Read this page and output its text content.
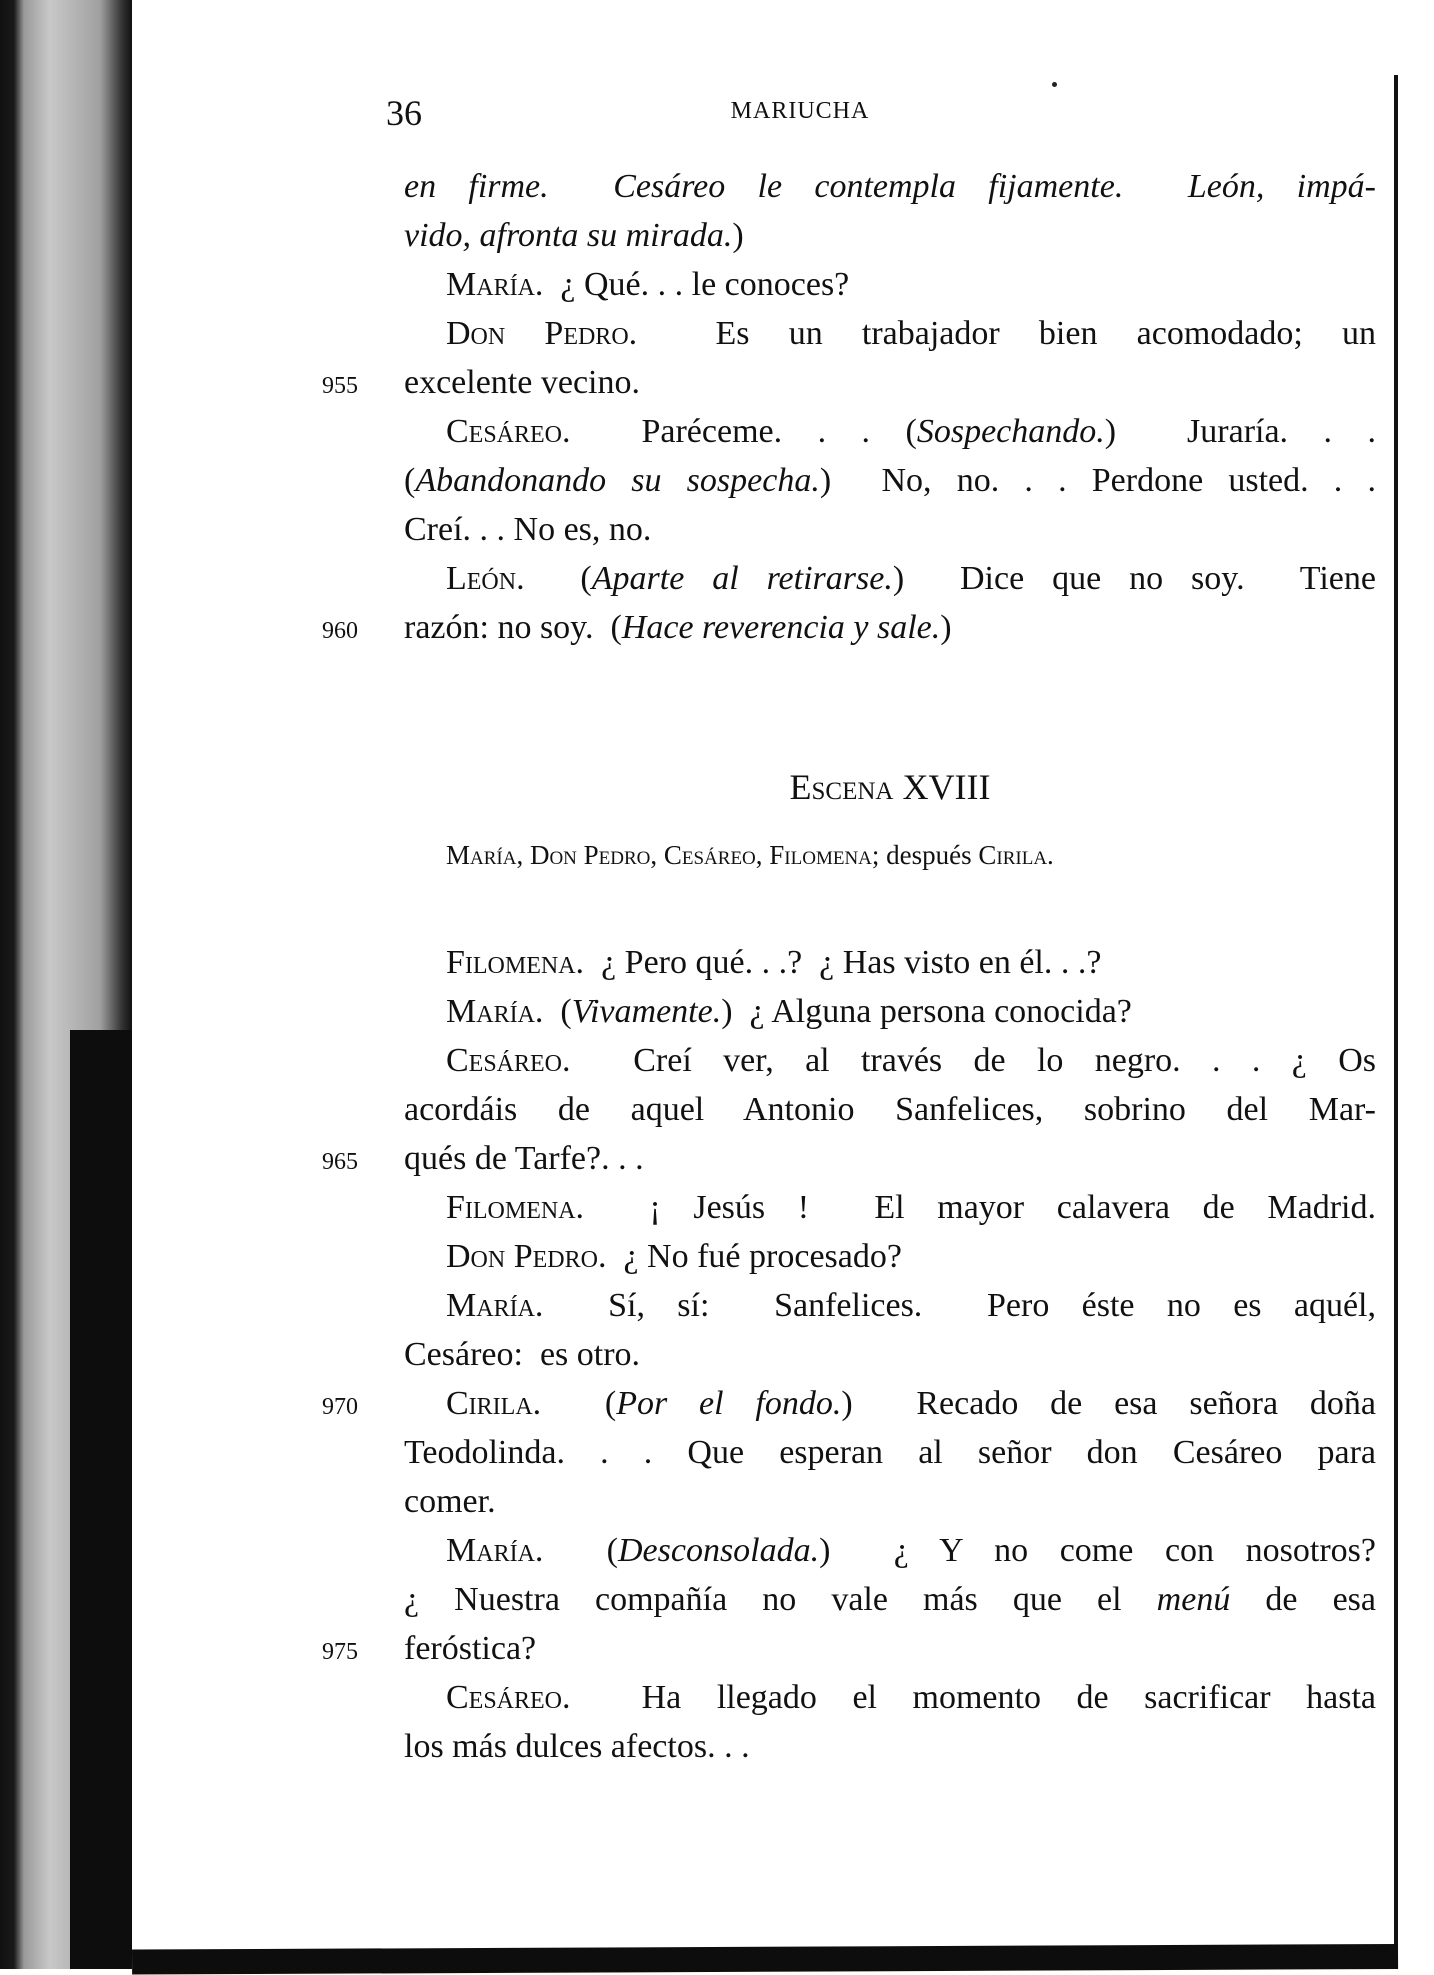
36	MARIUCHA
en firme.  Cesáreo le contempla fijamente.  León, impá-
vido, afronta su mirada.)
María.  ¿ Qué. . . le conoces?
Don Pedro.  Es un trabajador bien acomodado; un
955 excelente vecino.
Cesáreo.  Paréceme. . . (Sospechando.)  Juraría. . .
(Abandonando su sospecha.)  No, no. . . Perdone usted. . .
Creí. . . No es, no.
León.  (Aparte al retirarse.)  Dice que no soy.  Tiene
960 razón: no soy.  (Hace reverencia y sale.)
Escena XVIII
María, Don Pedro, Cesáreo, Filomena; después Cirila.
Filomena.  ¿ Pero qué. . .?  ¿ Has visto en él. . .?
María.  (Vivamente.)  ¿ Alguna persona conocida?
Cesáreo.  Creí ver, al través de lo negro. . . ¿ Os
acordáis de aquel Antonio Sanfelices, sobrino del Mar-
965 qués de Tarfe?. . .
Filomena.  ¡ Jesús !  El mayor calavera de Madrid.
Don Pedro.  ¿ No fué procesado?
María.  Sí, sí:  Sanfelices.  Pero éste no es aquél,
Cesáreo:  es otro.
970	Cirila.  (Por el fondo.)  Recado de esa señora doña
Teodolinda. . . Que esperan al señor don Cesáreo para
comer.
María.  (Desconsolada.)  ¿ Y no come con nosotros?
¿ Nuestra compañía no vale más que el menú de esa
975 feróstica?
Cesáreo.  Ha llegado el momento de sacrificar hasta
los más dulces afectos. . .
